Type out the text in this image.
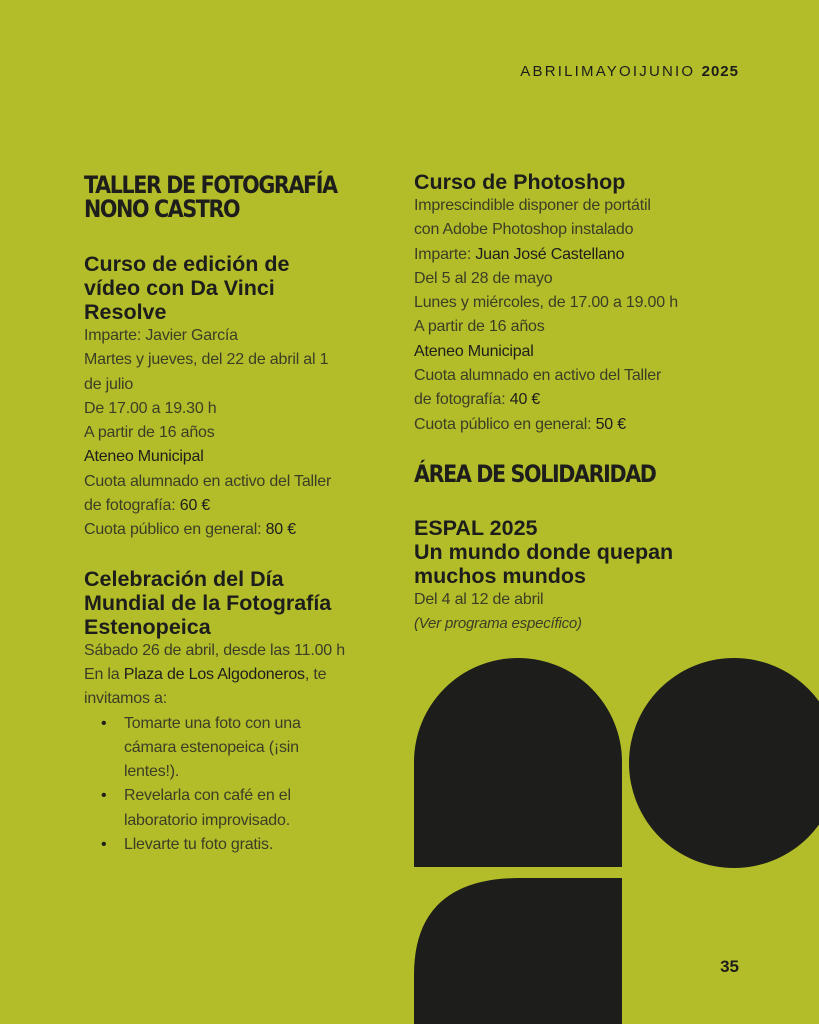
ABRILIMAYOIJUNIO 2025

TALLER DE FOTOGRAFÍA

NONO CASTRO

Curso de edición de

vídeo con Da Vinci

Resolve

Imparte: Javier García

Martes y jueves, del 22 de abril al 1

de julio

De 17.00 a 19.30 h

A partir de 16 años

Ateneo Municipal

Cuota alumnado en activo del Taller

de fotografía: 60 €

Cuota público en general: 80 €

Celebración del Día

Mundial de la Fotografía

Estenopeica

Sábado 26 de abril, desde las 11.00 h

En la Plaza de Los Algodoneros, te

invitamos a:

• Tomarte una foto con una
cámara estenopeica (¡sin
lentes!).
• Revelarla con café en el
laboratorio improvisado.
• Llevarte tu foto gratis.

Curso de Photoshop

Imprescindible disponer de portátil

con Adobe Photoshop instalado

Imparte: Juan José Castellano

Del 5 al 28 de mayo

Lunes y miércoles, de 17.00 a 19.00 h

A partir de 16 años

Ateneo Municipal

Cuota alumnado en activo del Taller

de fotografía: 40 €

Cuota público en general: 50 €

ÁREA DE SOLIDARIDAD

ESPAL 2025

Un mundo donde quepan

muchos mundos

Del 4 al 12 de abril

(Ver programa específico)

35
